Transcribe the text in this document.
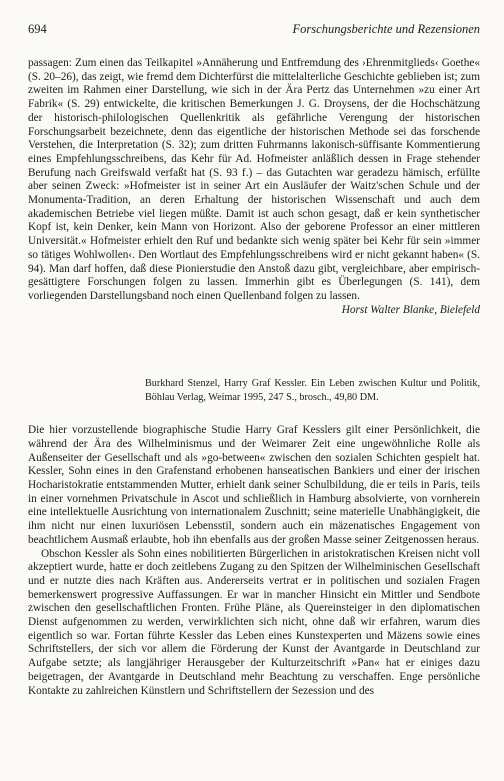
694	Forschungsberichte und Rezensionen

passagen: Zum einen das Teilkapitel »Annäherung und Entfremdung des ›Ehrenmitglieds‹ Goethe« (S. 20–26), das zeigt, wie fremd dem Dichterfürst die mittelalterliche Geschichte geblieben ist; zum zweiten im Rahmen einer Darstellung, wie sich in der Ära Pertz das Unternehmen »zu einer Art Fabrik« (S. 29) entwickelte, die kritischen Bemerkungen J. G. Droysens, der die Hochschätzung der historisch-philologischen Quellenkritik als gefährliche Verengung der historischen Forschungsarbeit bezeichnete, denn das eigentliche der historischen Methode sei das forschende Verstehen, die Interpretation (S. 32); zum dritten Fuhrmanns lakonisch-süffisante Kommentierung eines Empfehlungsschreibens, das Kehr für Ad. Hofmeister anläßlich dessen in Frage stehender Berufung nach Greifswald verfaßt hat (S. 93 f.) – das Gutachten war geradezu hämisch, erfüllte aber seinen Zweck: »Hofmeister ist in seiner Art ein Ausläufer der Waitz'schen Schule und der Monumenta-Tradition, an deren Erhaltung der historischen Wissenschaft und auch dem akademischen Betriebe viel liegen müßte. Damit ist auch schon gesagt, daß er kein synthetischer Kopf ist, kein Denker, kein Mann von Horizont. Also der geborene Professor an einer mittleren Universität.« Hofmeister erhielt den Ruf und bedankte sich wenig später bei Kehr für sein »immer so tätiges Wohlwollen‹. Den Wortlaut des Empfehlungsschreibens wird er nicht gekannt haben« (S. 94). Man darf hoffen, daß diese Pionierstudie den Anstoß dazu gibt, vergleichbare, aber empirisch-gesättigtere Forschungen folgen zu lassen. Immerhin gibt es Überlegungen (S. 141), dem vorliegenden Darstellungsband noch einen Quellenband folgen zu lassen.

Horst Walter Blanke, Bielefeld
Burkhard Stenzel, Harry Graf Kessler. Ein Leben zwischen Kultur und Politik, Böhlau Verlag, Weimar 1995, 247 S., brosch., 49,80 DM.

Die hier vorzustellende biographische Studie Harry Graf Kesslers gilt einer Persönlichkeit, die während der Ära des Wilhelminismus und der Weimarer Zeit eine ungewöhnliche Rolle als Außenseiter der Gesellschaft und als »go-between« zwischen den sozialen Schichten gespielt hat. Kessler, Sohn eines in den Grafenstand erhobenen hanseatischen Bankiers und einer der irischen Hocharistokratie entstammenden Mutter, erhielt dank seiner Schulbildung, die er teils in Paris, teils in einer vornehmen Privatschule in Ascot und schließlich in Hamburg absolvierte, von vornherein eine intellektuelle Ausrichtung von internationalem Zuschnitt; seine materielle Unabhängigkeit, die ihm nicht nur einen luxuriösen Lebensstil, sondern auch ein mäzenatisches Engagement von beachtlichem Ausmaß erlaubte, hob ihn ebenfalls aus der großen Masse seiner Zeitgenossen heraus.

Obschon Kessler als Sohn eines nobilitierten Bürgerlichen in aristokratischen Kreisen nicht voll akzeptiert wurde, hatte er doch zeitlebens Zugang zu den Spitzen der Wilhelminischen Gesellschaft und er nutzte dies nach Kräften aus. Andererseits vertrat er in politischen und sozialen Fragen bemerkenswert progressive Auffassungen. Er war in mancher Hinsicht ein Mittler und Sendbote zwischen den gesellschaftlichen Fronten. Frühe Pläne, als Quereinsteiger in den diplomatischen Dienst aufgenommen zu werden, verwirklichten sich nicht, ohne daß wir erfahren, warum dies eigentlich so war. Fortan führte Kessler das Leben eines Kunstexperten und Mäzens sowie eines Schriftstellers, der sich vor allem die Förderung der Kunst der Avantgarde in Deutschland zur Aufgabe setzte; als langjähriger Herausgeber der Kulturzeitschrift »Pan« hat er einiges dazu beigetragen, der Avantgarde in Deutschland mehr Beachtung zu verschaffen. Enge persönliche Kontakte zu zahlreichen Künstlern und Schriftstellern der Sezession und des
